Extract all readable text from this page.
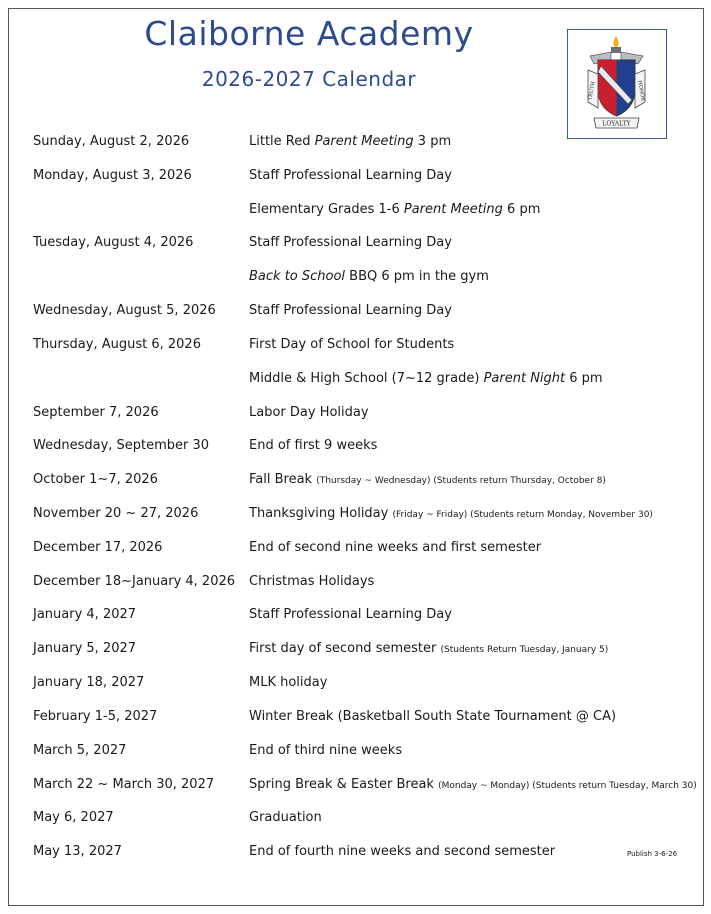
Claiborne Academy
2026-2027 Calendar	TRUTH	HONOR
LOYALTY
Sunday, August 2, 2026	Little Red Parent Meeting 3 pm
Monday, August 3, 2026	Staff Professional Learning Day
Elementary Grades 1-6 Parent Meeting 6 pm
Tuesday, August 4, 2026	Staff Professional Learning Day
Back to School BBQ 6 pm in the gym
Wednesday, August 5, 2026	Staff Professional Learning Day
Thursday, August 6, 2026	First Day of School for Students
Middle & High School (7~12 grade) Parent Night 6 pm
September 7, 2026	Labor Day Holiday
Wednesday, September 30	End of first 9 weeks
October 1~7, 2026	Fall Break (Thursday ~ Wednesday) (Students return Thursday, October 8)
November 20 ~ 27, 2026	Thanksgiving Holiday (Friday ~ Friday) (Students return Monday, November 30)
December 17, 2026	End of second nine weeks and first semester
December 18~January 4, 2026 Christmas Holidays
January 4, 2027	Staff Professional Learning Day
January 5, 2027	First day of second semester (Students Return Tuesday, January 5)
January 18, 2027	MLK holiday
February 1-5, 2027	Winter Break (Basketball South State Tournament @ CA)
March 5, 2027	End of third nine weeks
March 22 ~ March 30, 2027	Spring Break & Easter Break (Monday ~ Monday) (Students return Tuesday, March 30)
May 6, 2027	Graduation
May 13, 2027	End of fourth nine weeks and second semester	Publish 3-6-26
